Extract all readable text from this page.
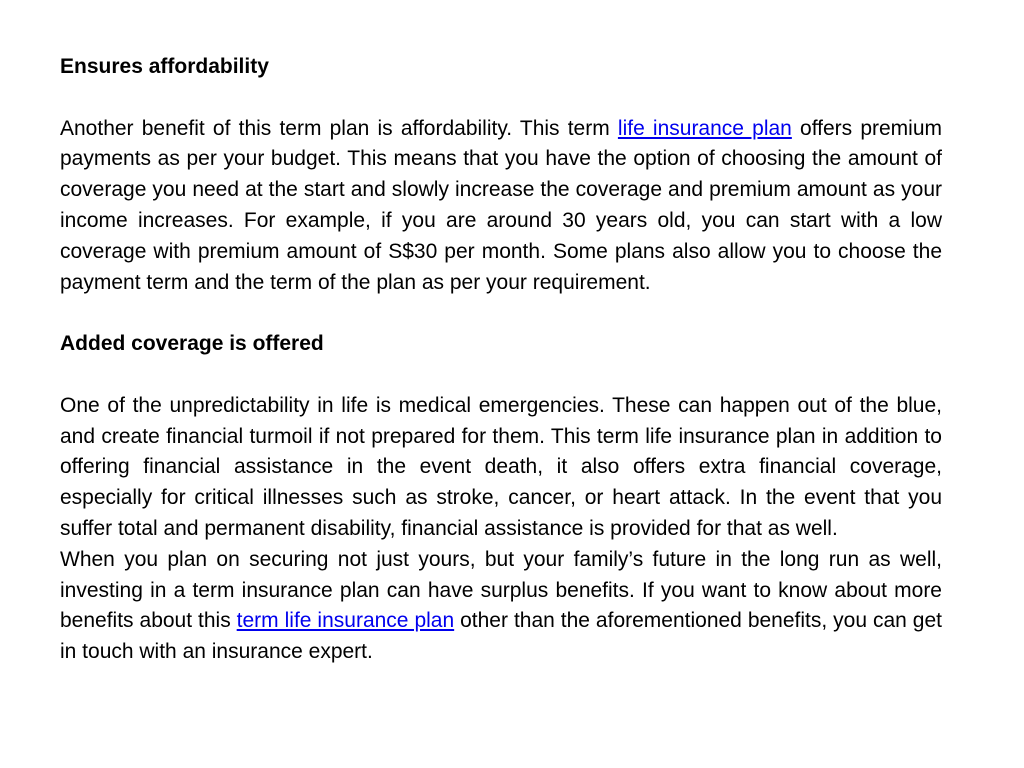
Ensures affordability

Another benefit of this term plan is affordability. This term life insurance plan offers premium payments as per your budget. This means that you have the option of choosing the amount of coverage you need at the start and slowly increase the coverage and premium amount as your income increases. For example, if you are around 30 years old, you can start with a low coverage with premium amount of S$30 per month. Some plans also allow you to choose the payment term and the term of the plan as per your requirement.

Added coverage is offered

One of the unpredictability in life is medical emergencies. These can happen out of the blue, and create financial turmoil if not prepared for them. This term life insurance plan in addition to offering financial assistance in the event death, it also offers extra financial coverage, especially for critical illnesses such as stroke, cancer, or heart attack. In the event that you suffer total and permanent disability, financial assistance is provided for that as well.

When you plan on securing not just yours, but your family’s future in the long run as well, investing in a term insurance plan can have surplus benefits. If you want to know about more benefits about this term life insurance plan other than the aforementioned benefits, you can get in touch with an insurance expert.
